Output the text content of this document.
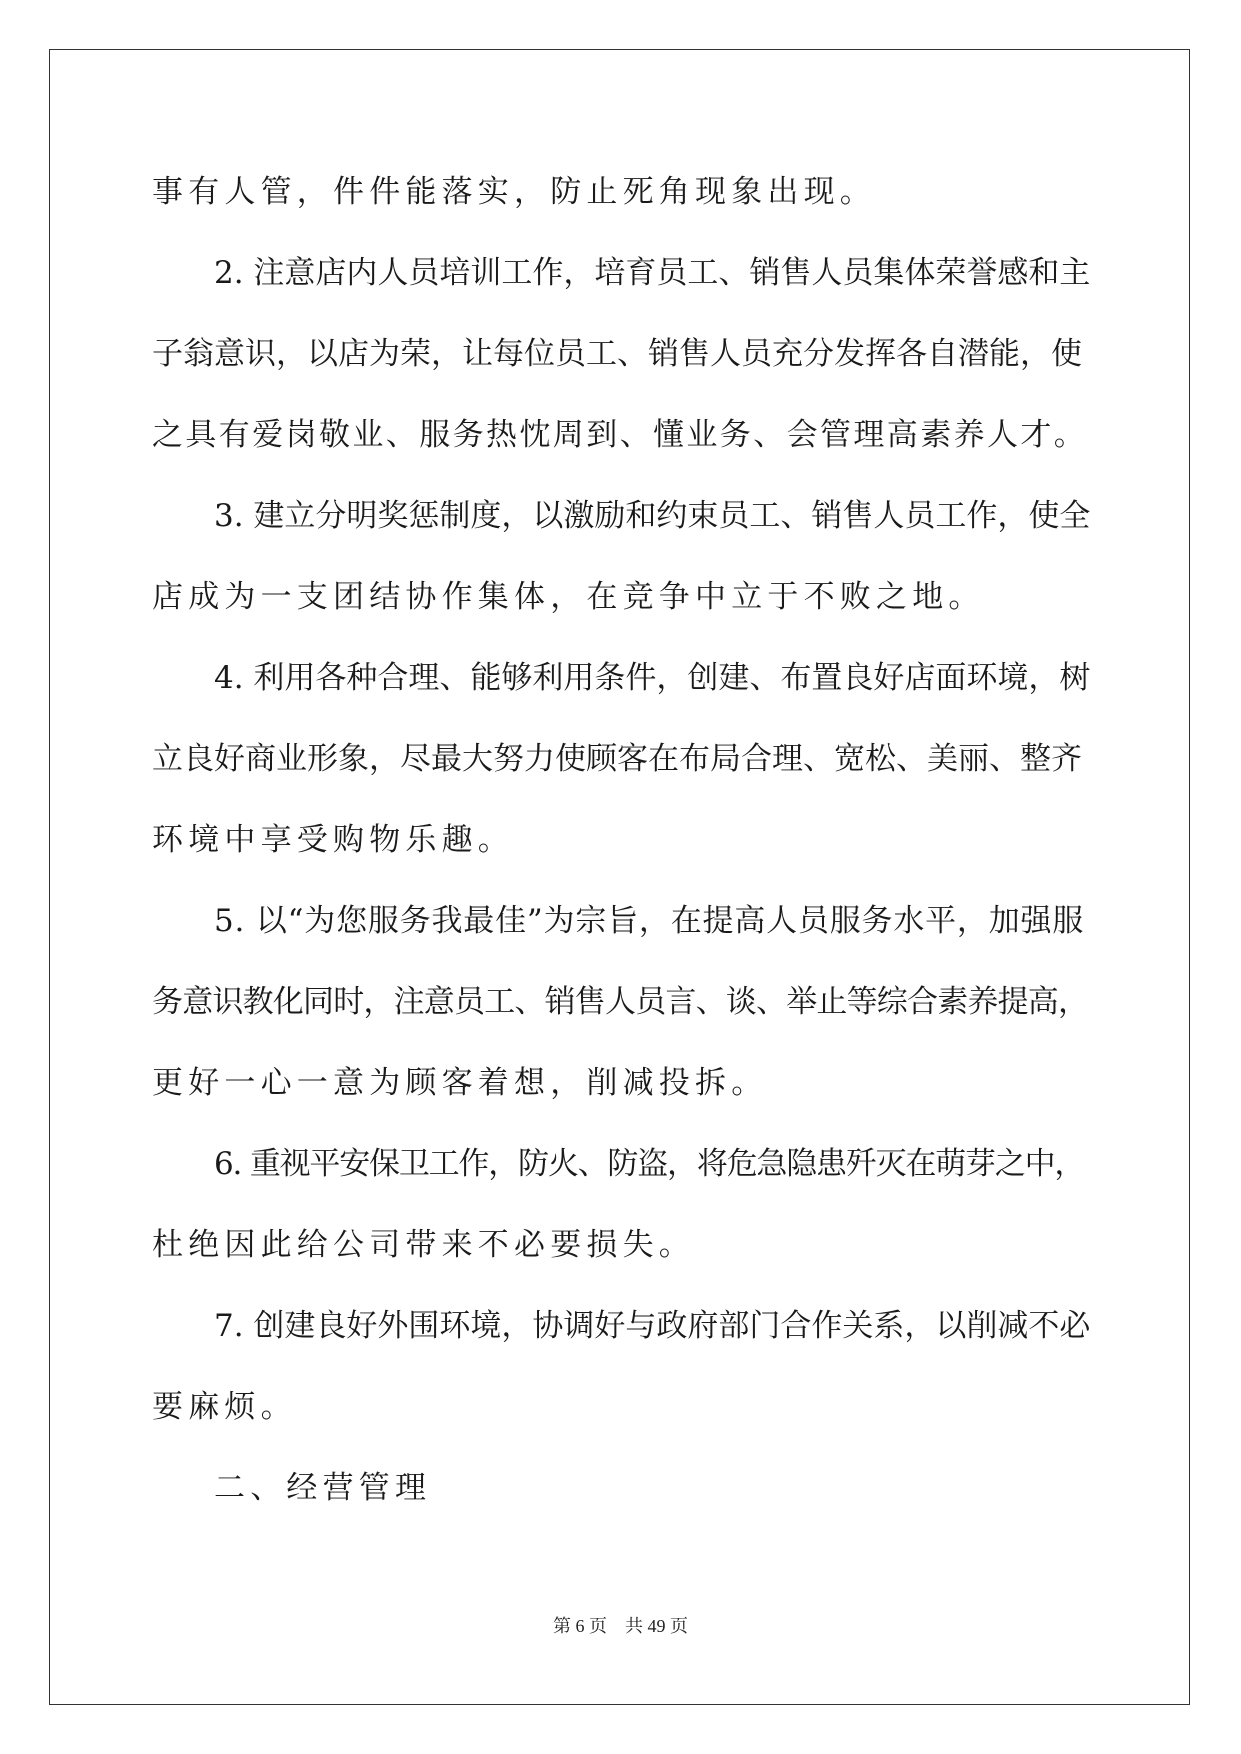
事有人管，件件能落实，防止死角现象出现。
2. 注意店内人员培训工作，培育员工、销售人员集体荣誉感和主
子翁意识，以店为荣，让每位员工、销售人员充分发挥各自潜能，使
之具有爱岗敬业、服务热忱周到、懂业务、会管理高素养人才。
3. 建立分明奖惩制度，以激励和约束员工、销售人员工作，使全
店成为一支团结协作集体，在竞争中立于不败之地。
4. 利用各种合理、能够利用条件，创建、布置良好店面环境，树
立良好商业形象，尽最大努力使顾客在布局合理、宽松、美丽、整齐
环境中享受购物乐趣。
5. 以“为您服务我最佳”为宗旨，在提高人员服务水平，加强服
务意识教化同时，注意员工、销售人员言、谈、举止等综合素养提高，
更好一心一意为顾客着想，削减投拆。
6. 重视平安保卫工作，防火、防盗，将危急隐患歼灭在萌芽之中，
杜绝因此给公司带来不必要损失。
7. 创建良好外围环境，协调好与政府部门合作关系，以削减不必
要麻烦。
二、经营管理
第 6 页　共 49 页
